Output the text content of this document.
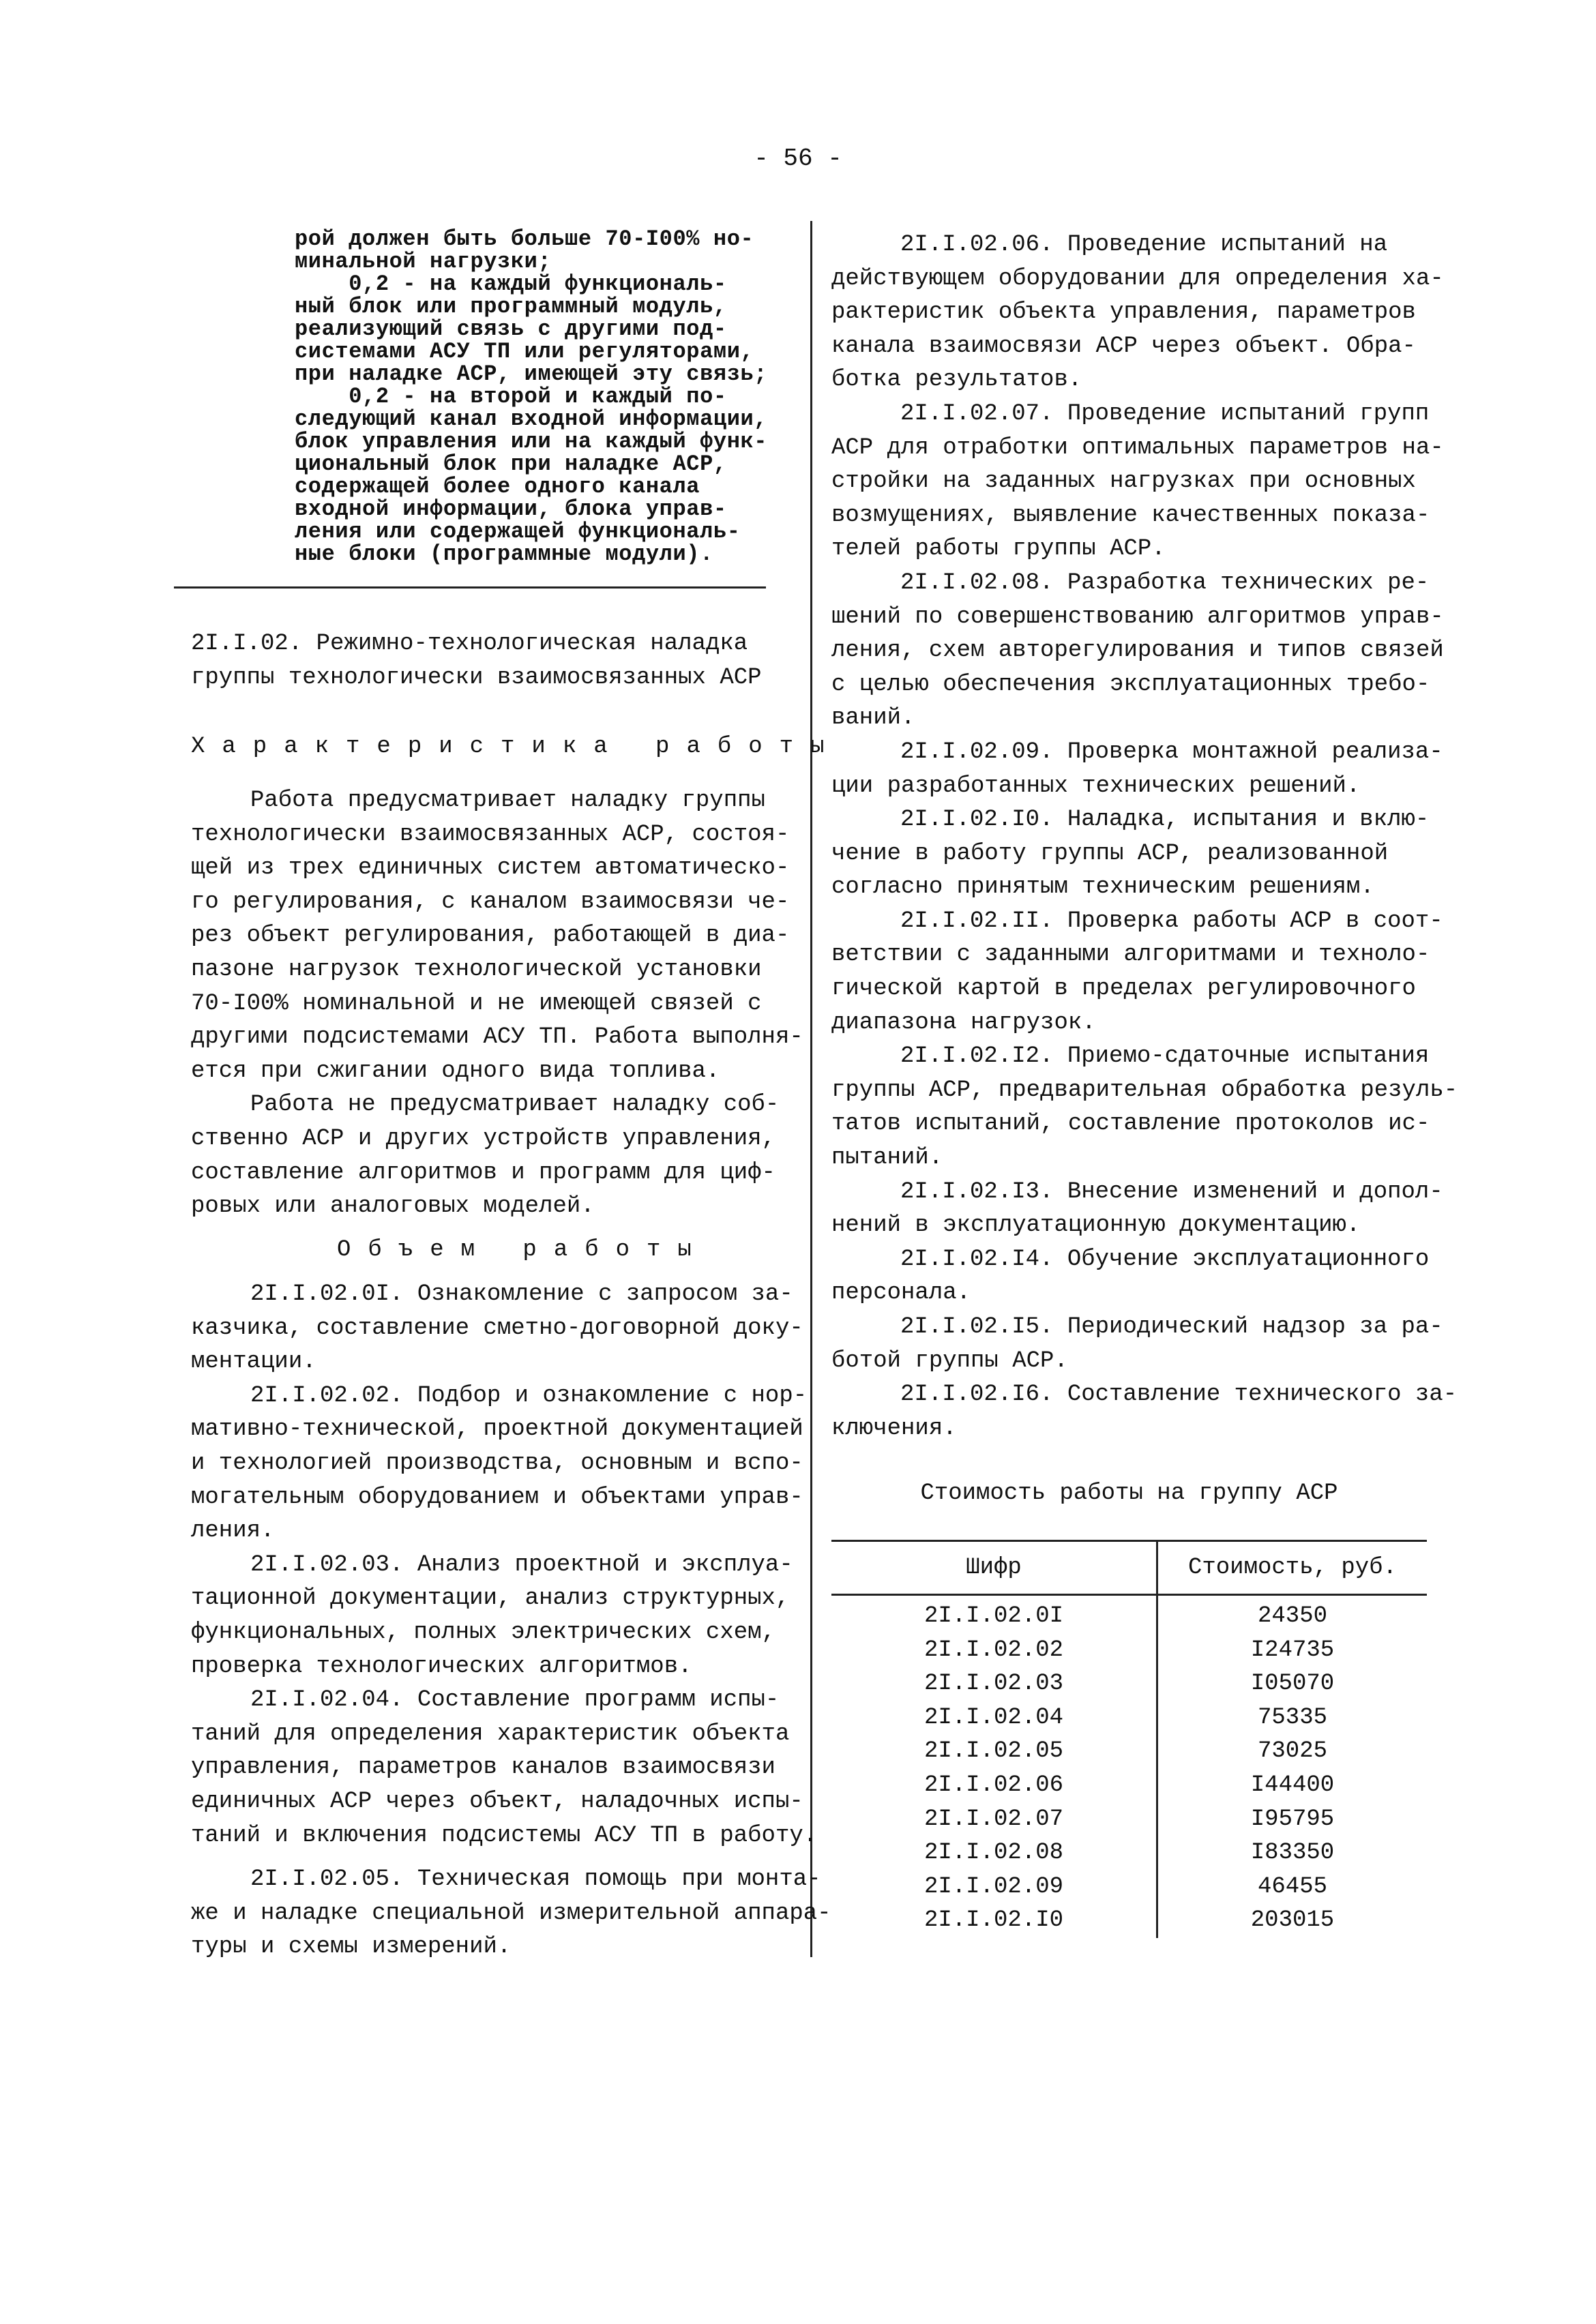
- 56 -
рой должен быть больше 70-I00% но-
минальной нагрузки;
0,2 - на каждый функциональ-
ный блок или программный модуль,
реализующий связь с другими под-
системами АСУ ТП или регуляторами,
при наладке АСР, имеющей эту связь;
0,2 - на второй и каждый по-
следующий канал входной информации,
блок управления или на каждый функ-
циональный блок при наладке АСР,
содержащей более одного канала
входной информации, блока управ-
ления или содержащей функциональ-
ные блоки (программные модули).
2I.I.02. Режимно-технологическая наладка
группы технологически взаимосвязанных АСР
Характеристика работы
Работа предусматривает наладку группы
технологически взаимосвязанных АСР, состоя-
щей из трех единичных систем автоматическо-
го регулирования, с каналом взаимосвязи че-
рез объект регулирования, работающей в диа-
пазоне нагрузок технологической установки
70-I00% номинальной и не имеющей связей с
другими подсистемами АСУ ТП. Работа выполня-
ется при сжигании одного вида топлива.
Работа не предусматривает наладку соб-
ственно АСР и других устройств управления,
составление алгоритмов и программ для циф-
ровых или аналоговых моделей.
Объем работы
2I.I.02.0I. Ознакомление с запросом за-
казчика, составление сметно-договорной доку-
ментации.
2I.I.02.02. Подбор и ознакомление с нор-
мативно-технической, проектной документацией
и технологией производства, основным и вспо-
могательным оборудованием и объектами управ-
ления.
2I.I.02.03. Анализ проектной и эксплуа-
тационной документации, анализ структурных,
функциональных, полных электрических схем,
проверка технологических алгоритмов.
2I.I.02.04. Составление программ испы-
таний для определения характеристик объекта
управления, параметров каналов взаимосвязи
единичных АСР через объект, наладочных испы-
таний и включения подсистемы АСУ ТП в работу.
2I.I.02.05. Техническая помощь при монта-
же и наладке специальной измерительной аппара-
туры и схемы измерений.
2I.I.02.06. Проведение испытаний на
действующем оборудовании для определения ха-
рактеристик объекта управления, параметров
канала взаимосвязи АСР через объект. Обра-
ботка результатов.
2I.I.02.07. Проведение испытаний групп
АСР для отработки оптимальных параметров на-
стройки на заданных нагрузках при основных
возмущениях, выявление качественных показа-
телей работы группы АСР.
2I.I.02.08. Разработка технических ре-
шений по совершенствованию алгоритмов управ-
ления, схем авторегулирования и типов связей
с целью обеспечения эксплуатационных требо-
ваний.
2I.I.02.09. Проверка монтажной реализа-
ции разработанных технических решений.
2I.I.02.I0. Наладка, испытания и вклю-
чение в работу группы АСР, реализованной
согласно принятым техническим решениям.
2I.I.02.II. Проверка работы АСР в соот-
ветствии с заданными алгоритмами и техноло-
гической картой в пределах регулировочного
диапазона нагрузок.
2I.I.02.I2. Приемо-сдаточные испытания
группы АСР, предварительная обработка резуль-
татов испытаний, составление протоколов ис-
пытаний.
2I.I.02.I3. Внесение изменений и допол-
нений в эксплуатационную документацию.
2I.I.02.I4. Обучение эксплуатационного
персонала.
2I.I.02.I5. Периодический надзор за ра-
ботой группы АСР.
2I.I.02.I6. Составление технического за-
ключения.
Стоимость работы на группу АСР
Шифр	Стоимость, руб.
2I.I.02.0I	24350
2I.I.02.02	I24735
2I.I.02.03	I05070
2I.I.02.04	75335
2I.I.02.05	73025
2I.I.02.06	I44400
2I.I.02.07	I95795
2I.I.02.08	I83350
2I.I.02.09	46455
2I.I.02.I0	203015
